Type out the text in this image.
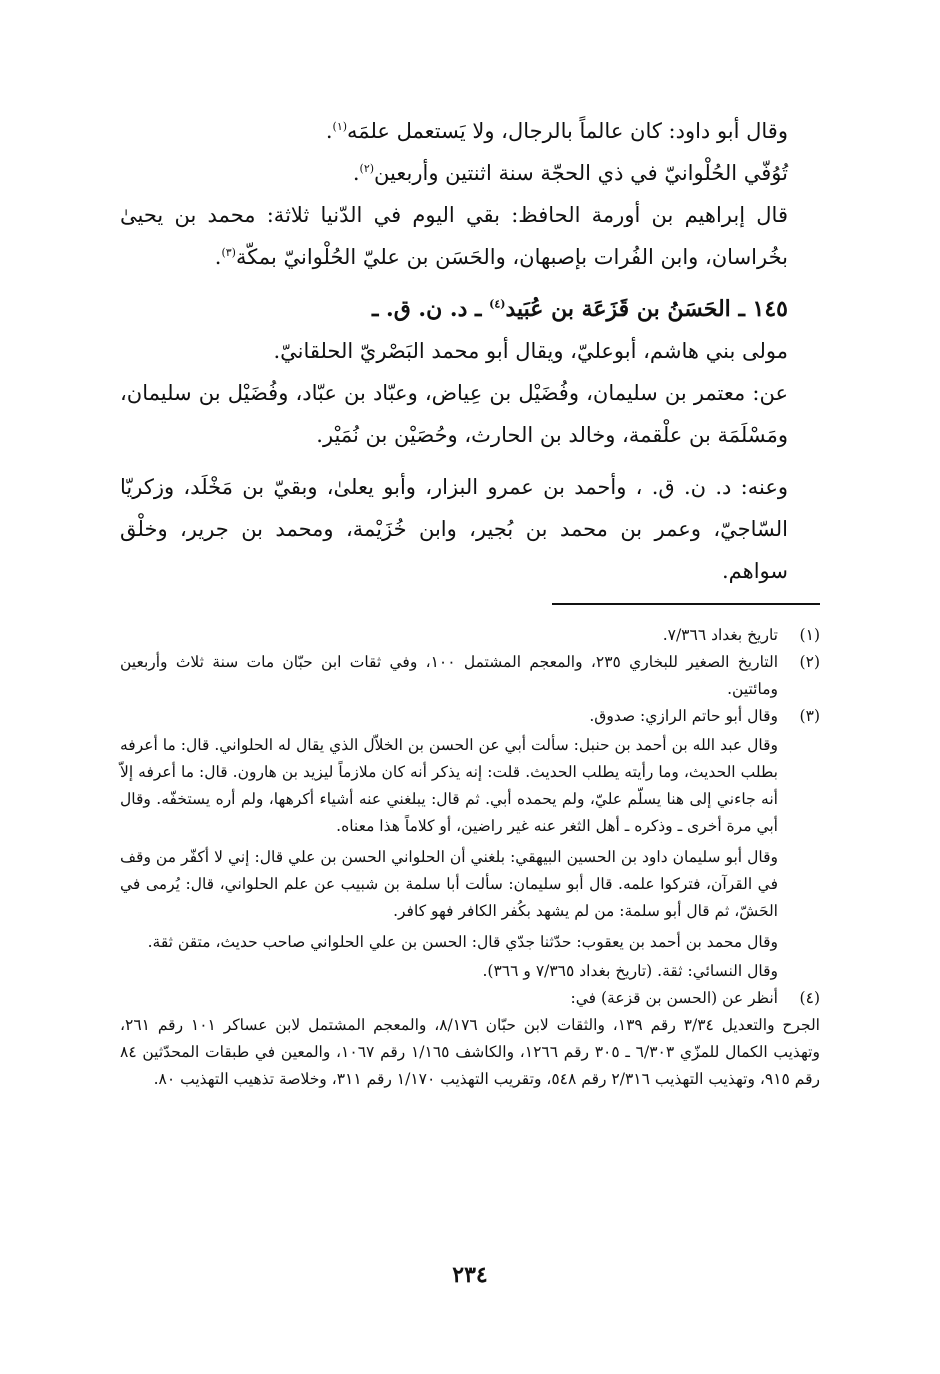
وقال أبو داود: كان عالماً بالرجال، ولا يَستعمل علمَه$^{(١)}$.

تُوُفّي الحُلْوانيّ في ذي الحجّة سنة اثنتين وأربعين$^{(٢)}$.

قال إبراهيم بن أورمة الحافظ: بقي اليوم في الدّنيا ثلاثة: محمد بن يحيىٰ بخُراسان، وابن الفُرات بإصبهان، والحَسَن بن عليّ الحُلْوانيّ بمكّة$^{(٣)}$.

١٤٥ ـ الحَسَنُ بن قَزَعَة بن عُبَيد$^{(٤)}$ ـ د. ن. ق. ـ

مولى بني هاشم، أبوعليّ، ويقال أبو محمد البَصْريّ الحلقانيّ.

عن: معتمر بن سليمان، وفُضَيْل بن عِياض، وعبّاد بن عبّاد، وفُضَيْل بن سليمان، ومَسْلَمَة بن علْقمة، وخالد بن الحارث، وحُصَيْن بن نُمَيْر.

وعنه: د. ن. ق. ، وأحمد بن عمرو البزار، وأبو يعلىٰ، وبقيّ بن مَخْلَد، وزكريّا السّاجيّ، وعمر بن محمد بن بُجير، وابن خُزَيْمة، ومحمد بن جرير، وخلْق سواهم.

(١)

تاريخ بغداد ٧/٣٦٦.

(٢)

التاريخ الصغير للبخاري ٢٣٥، والمعجم المشتمل ١٠٠، وفي ثقات ابن حبّان مات سنة ثلاث وأربعين ومائتين.

(٣)

وقال أبو حاتم الرازي: صدوق.

وقال عبد الله بن أحمد بن حنبل: سألت أبي عن الحسن بن الخلاّل الذي يقال له الحلواني. قال: ما أعرفه بطلب الحديث، وما رأيته يطلب الحديث. قلت: إنه يذكر أنه كان ملازماً ليزيد بن هارون. قال: ما أعرفه إلاّ أنه جاءني إلى هنا يسلّم عليّ، ولم يحمده أبي. ثم قال: يبلغني عنه أشياء أكرهها، ولم أره يستخفّه. وقال أبي مرة أخرى ـ وذكره ـ أهل الثغر عنه غير راضين، أو كلاماً هذا معناه.

وقال أبو سليمان داود بن الحسين البيهقي: بلغني أن الحلواني الحسن بن علي قال: إني لا أكفّر من وقف في القرآن، فتركوا علمه. قال أبو سليمان: سألت أبا سلمة بن شبيب عن علم الحلواني، قال: يُرمى في الحَشّ، ثم قال أبو سلمة: من لم يشهد بكُفر الكافر فهو كافر.

وقال محمد بن أحمد بن يعقوب: حدّثنا جدّي قال: الحسن بن علي الحلواني صاحب حديث، متقن ثقة.

وقال النسائي: ثقة. (تاريخ بغداد ٧/٣٦٥ و ٣٦٦).

(٤)

أنظر عن (الحسن بن قزعة) في:

الجرح والتعديل ٣/٣٤ رقم ١٣٩، والثقات لابن حبّان ٨/١٧٦، والمعجم المشتمل لابن عساكر ١٠١ رقم ٢٦١، وتهذيب الكمال للمزّي ٦/٣٠٣ ـ ٣٠٥ رقم ١٢٦٦، والكاشف ١/١٦٥ رقم ١٠٦٧، والمعين في طبقات المحدّثين ٨٤ رقم ٩١٥، وتهذيب التهذيب ٢/٣١٦ رقم ٥٤٨، وتقريب التهذيب ١/١٧٠ رقم ٣١١، وخلاصة تذهيب التهذيب ٨٠.

٢٣٤
